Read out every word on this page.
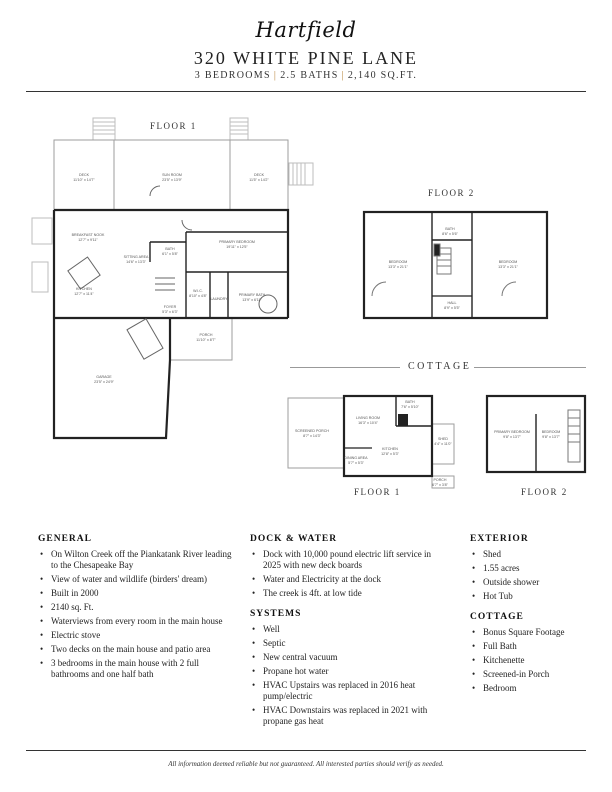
Hartfield
320 WHITE PINE LANE
3 BEDROOMS | 2.5 BATHS | 2,140 SQ.FT.
FLOOR 1
FLOOR 2
COTTAGE
FLOOR 1	FLOOR 2
DECK
11'10" x 14'7"
SUN ROOM
23'5" x 13'9"
DECK
11'5" x 14'2"
BREAKFAST NOOK
12'7" x 9'11"
SITTING AREA
14'6" x 13'3"
KITCHEN
12'7" x 11'4"
BATH
6'1" x 5'8"
PRIMARY BEDROOM
19'11" x 12'5"
FOYER
5'3" x 6'3"
W.I.C.
8'10" x 4'8"
LAUNDRY
PRIMARY BATH
13'9" x 6'11"
PORCH
11'10" x 8'7"
GARAGE
23'5" x 24'9"
BATH
8'6" x 5'6"
BEDROOM
13'3" x 21'1"
BEDROOM
13'3" x 21'1"
HALL
8'9" x 5'5"
SCREENED PORCH
8'7" x 14'3"
BATH
7'6" x 5'10"
LIVING ROOM
16'3" x 10'4"
KITCHEN
12'8" x 5'3"
DINING AREA
5'7" x 5'3"
SHED
4'4" x 11'0"
PORCH
6'7" x 3'8"
PRIMARY BEDROOM
9'8" x 13'7"
BEDROOM
9'8" x 13'7"
GENERAL
• On Wilton Creek off the Piankatank River leading to the Chesapeake Bay
• View of water and wildlife (birders' dream)
• Built in 2000
• 2140 sq. Ft.
• Waterviews from every room in the main house
• Electric stove
• Two decks on the main house and patio area
• 3 bedrooms in the main house with 2 full bathrooms and one half bath
DOCK & WATER
• Dock with 10,000 pound electric lift service in 2025 with new deck boards
• Water and Electricity at the dock
• The creek is 4ft. at low tide
SYSTEMS
• Well
• Septic
• New central vacuum
• Propane hot water
• HVAC Upstairs was replaced in 2016 heat pump/electric
• HVAC Downstairs was replaced in 2021 with propane gas heat
EXTERIOR
• Shed
• 1.55 acres
• Outside shower
• Hot Tub
COTTAGE
• Bonus Square Footage
• Full Bath
• Kitchenette
• Screened-in Porch
• Bedroom
All information deemed reliable but not guaranteed. All interested parties should verify as needed.
